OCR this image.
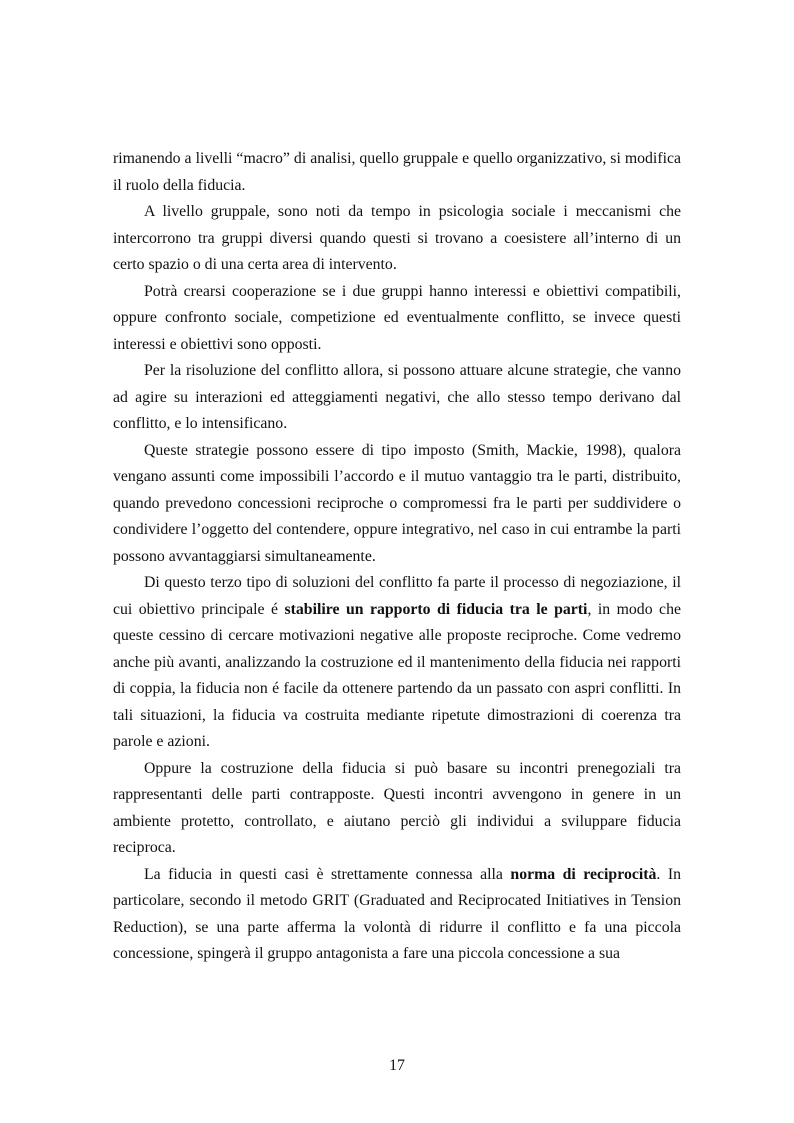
rimanendo a livelli “macro” di analisi, quello gruppale e quello organizzativo, si modifica il ruolo della fiducia.

A livello gruppale, sono noti da tempo in psicologia sociale i meccanismi che intercorrono tra gruppi diversi quando questi si trovano a coesistere all’interno di un certo spazio o di una certa area di intervento.

Potrà crearsi cooperazione se i due gruppi hanno interessi e obiettivi compatibili, oppure confronto sociale, competizione ed eventualmente conflitto, se invece questi interessi e obiettivi sono opposti.

Per la risoluzione del conflitto allora, si possono attuare alcune strategie, che vanno ad agire su interazioni ed atteggiamenti negativi, che allo stesso tempo derivano dal conflitto, e lo intensificano.

Queste strategie possono essere di tipo imposto (Smith, Mackie, 1998), qualora vengano assunti come impossibili l’accordo e il mutuo vantaggio tra le parti, distribuito, quando prevedono concessioni reciproche o compromessi fra le parti per suddividere o condividere l’oggetto del contendere, oppure integrativo, nel caso in cui entrambe la parti possono avvantaggiarsi simultaneamente.

Di questo terzo tipo di soluzioni del conflitto fa parte il processo di negoziazione, il cui obiettivo principale é stabilire un rapporto di fiducia tra le parti, in modo che queste cessino di cercare motivazioni negative alle proposte reciproche. Come vedremo anche più avanti, analizzando la costruzione ed il mantenimento della fiducia nei rapporti di coppia, la fiducia non é facile da ottenere partendo da un passato con aspri conflitti. In tali situazioni, la fiducia va costruita mediante ripetute dimostrazioni di coerenza tra parole e azioni.

Oppure la costruzione della fiducia si può basare su incontri prenegoziali tra rappresentanti delle parti contrapposte. Questi incontri avvengono in genere in un ambiente protetto, controllato, e aiutano perciò gli individui a sviluppare fiducia reciproca.

La fiducia in questi casi è strettamente connessa alla norma di reciprocità. In particolare, secondo il metodo GRIT (Graduated and Reciprocated Initiatives in Tension Reduction), se una parte afferma la volontà di ridurre il conflitto e fa una piccola concessione, spingerà il gruppo antagonista a fare una piccola concessione a sua

17
